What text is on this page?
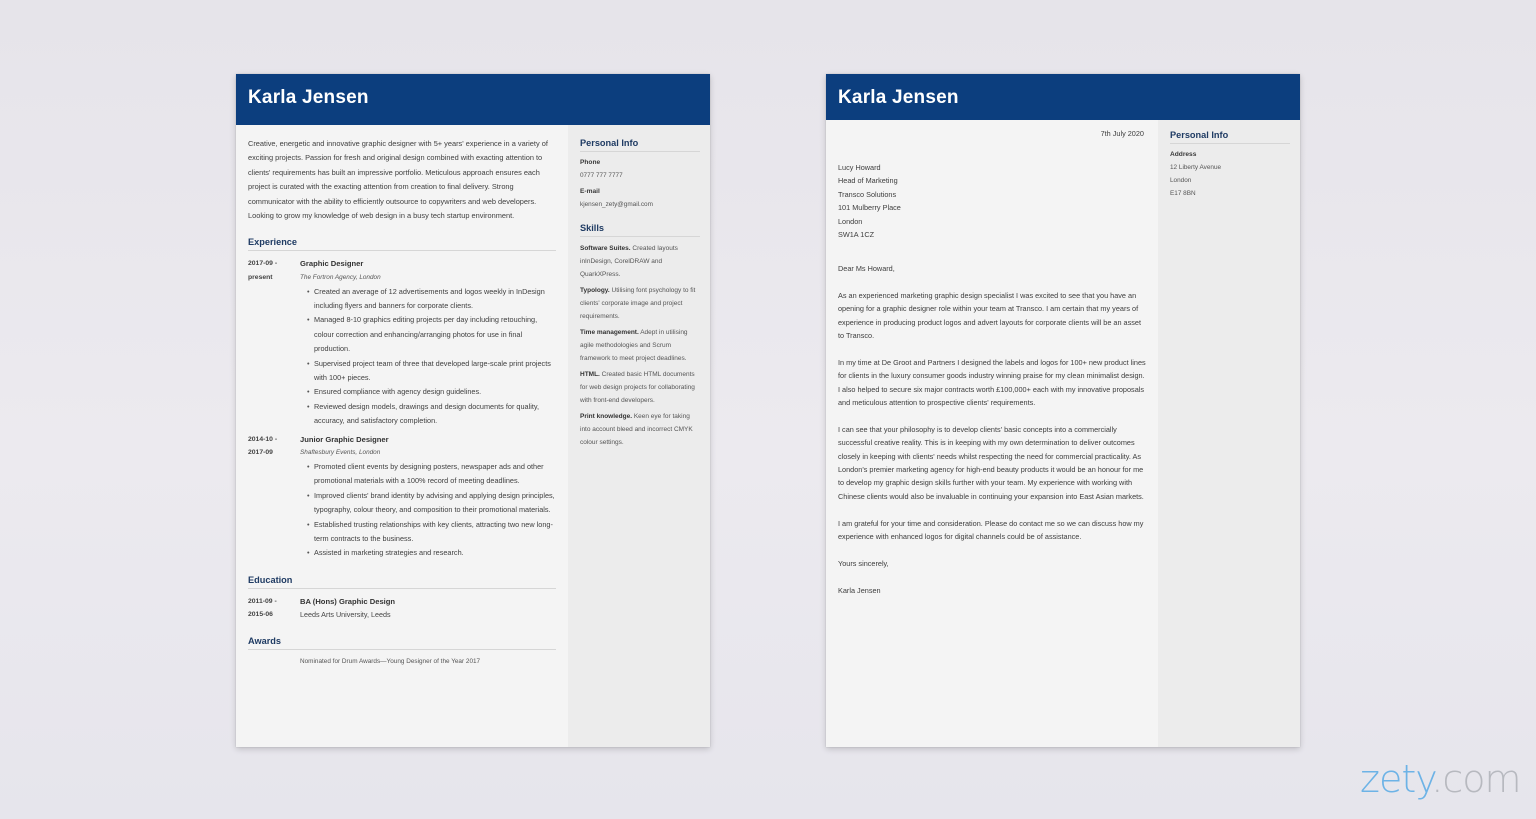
Karla Jensen

Creative, energetic and innovative graphic designer with 5+ years' experience in a variety of exciting projects. Passion for fresh and original design combined with exacting attention to clients' requirements has built an impressive portfolio. Meticulous approach ensures each project is curated with the exacting attention from creation to final delivery. Strong communicator with the ability to efficiently outsource to copywriters and web developers. Looking to grow my knowledge of web design in a busy tech startup environment.

Experience
2017-09 -
present
Graphic Designer
The Fortron Agency, London
• Created an average of 12 advertisements and logos weekly in InDesign including flyers and banners for corporate clients.
• Managed 8-10 graphics editing projects per day including retouching, colour correction and enhancing/arranging photos for use in final production.
• Supervised project team of three that developed large-scale print projects with 100+ pieces.
• Ensured compliance with agency design guidelines.
• Reviewed design models, drawings and design documents for quality, accuracy, and satisfactory completion.
2014-10 -
2017-09
Junior Graphic Designer
Shaftesbury Events, London
• Promoted client events by designing posters, newspaper ads and other promotional materials with a 100% record of meeting deadlines.
• Improved clients' brand identity by advising and applying design principles, typography, colour theory, and composition to their promotional materials.
• Established trusting relationships with key clients, attracting two new long-term contracts to the business.
• Assisted in marketing strategies and research.
Education
2011-09 -
2015-06
BA (Hons) Graphic Design
Leeds Arts University, Leeds
Awards
Nominated for Drum Awards—Young Designer of the Year 2017
Personal Info
Phone
0777 777 7777
E-mail
kjensen_zety@gmail.com
Skills
Software Suites. Created layouts inInDesign, CorelDRAW and QuarkXPress.
Typology. Utilising font psychology to fit clients' corporate image and project requirements.
Time management. Adept in utilising agile methodologies and Scrum framework to meet project deadlines.
HTML. Created basic HTML documents for web design projects for collaborating with front-end developers.
Print knowledge. Keen eye for taking into account bleed and incorrect CMYK colour settings.
Karla Jensen
7th July 2020
Lucy Howard
Head of Marketing
Transco Solutions
101 Mulberry Place
London
SW1A 1CZ

Dear Ms Howard,

As an experienced marketing graphic design specialist I was excited to see that you have an opening for a graphic designer role within your team at Transco. I am certain that my years of experience in producing product logos and advert layouts for corporate clients will be an asset to Transco.

In my time at De Groot and Partners I designed the labels and logos for 100+ new product lines for clients in the luxury consumer goods industry winning praise for my clean minimalist design. I also helped to secure six major contracts worth £100,000+ each with my innovative proposals and meticulous attention to prospective clients' requirements.

I can see that your philosophy is to develop clients' basic concepts into a commercially successful creative reality. This is in keeping with my own determination to deliver outcomes closely in keeping with clients' needs whilst respecting the need for commercial practicality. As London's premier marketing agency for high-end beauty products it would be an honour for me to develop my graphic design skills further with your team. My experience with working with Chinese clients would also be invaluable in continuing your expansion into East Asian markets.

I am grateful for your time and consideration. Please do contact me so we can discuss how my experience with enhanced logos for digital channels could be of assistance.

Yours sincerely,

Karla Jensen

Personal Info
Address
12 Liberty Avenue
London
E17 8BN
zety.com
